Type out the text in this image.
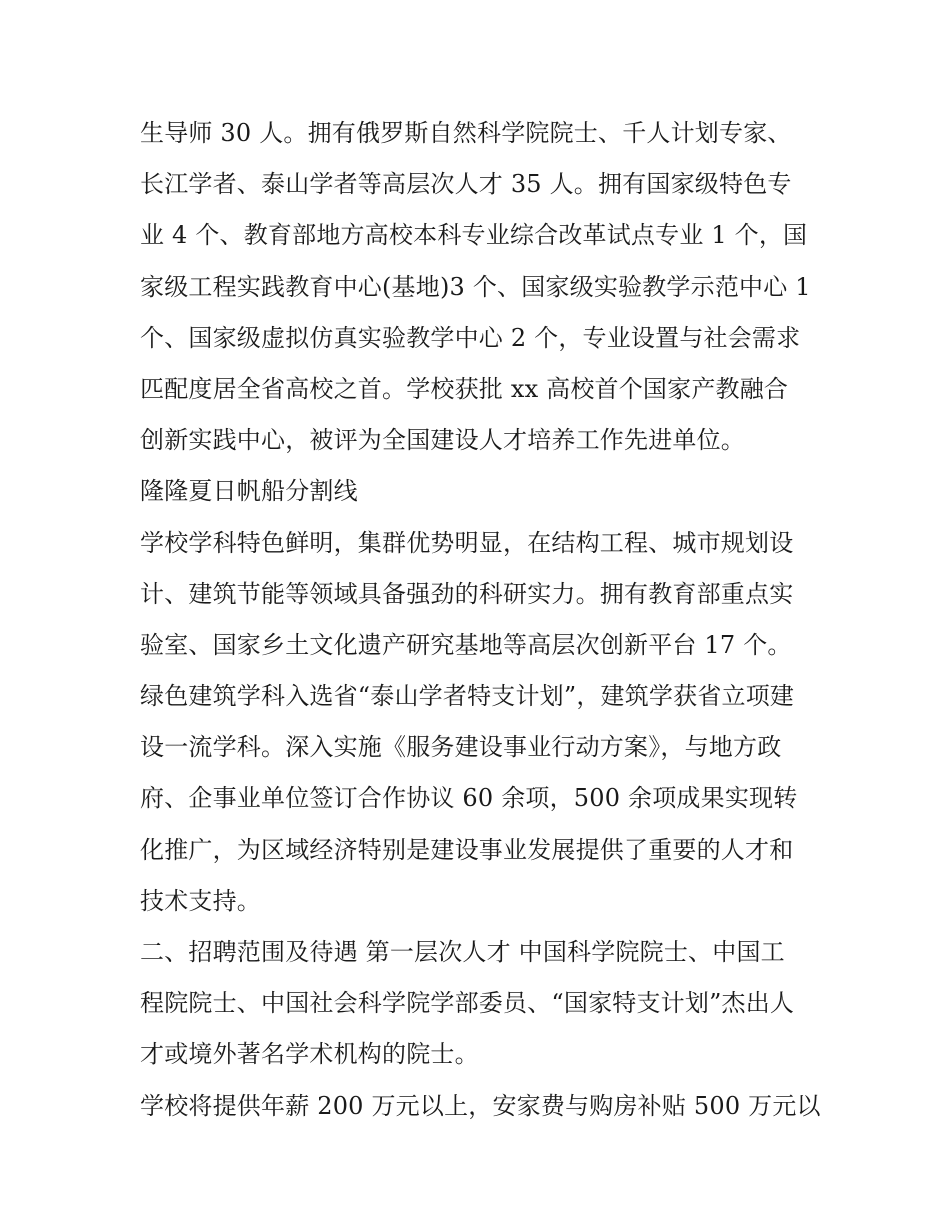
生导师 30 人。拥有俄罗斯自然科学院院士、千人计划专家、
长江学者、泰山学者等高层次人才 35 人。拥有国家级特色专
业 4 个、教育部地方高校本科专业综合改革试点专业 1 个，国
家级工程实践教育中心(基地)3 个、国家级实验教学示范中心 1
个、国家级虚拟仿真实验教学中心 2 个，专业设置与社会需求
匹配度居全省高校之首。学校获批 xx 高校首个国家产教融合
创新实践中心，被评为全国建设人才培养工作先进单位。
隆隆夏日帆船分割线
学校学科特色鲜明，集群优势明显，在结构工程、城市规划设
计、建筑节能等领域具备强劲的科研实力。拥有教育部重点实
验室、国家乡土文化遗产研究基地等高层次创新平台 17 个。
绿色建筑学科入选省“泰山学者特支计划”，建筑学获省立项建
设一流学科。深入实施《服务建设事业行动方案》，与地方政
府、企事业单位签订合作协议 60 余项，500 余项成果实现转
化推广，为区域经济特别是建设事业发展提供了重要的人才和
技术支持。
二、招聘范围及待遇 第一层次人才 中国科学院院士、中国工
程院院士、中国社会科学院学部委员、“国家特支计划”杰出人
才或境外著名学术机构的院士。
学校将提供年薪 200 万元以上，安家费与购房补贴 500 万元以
